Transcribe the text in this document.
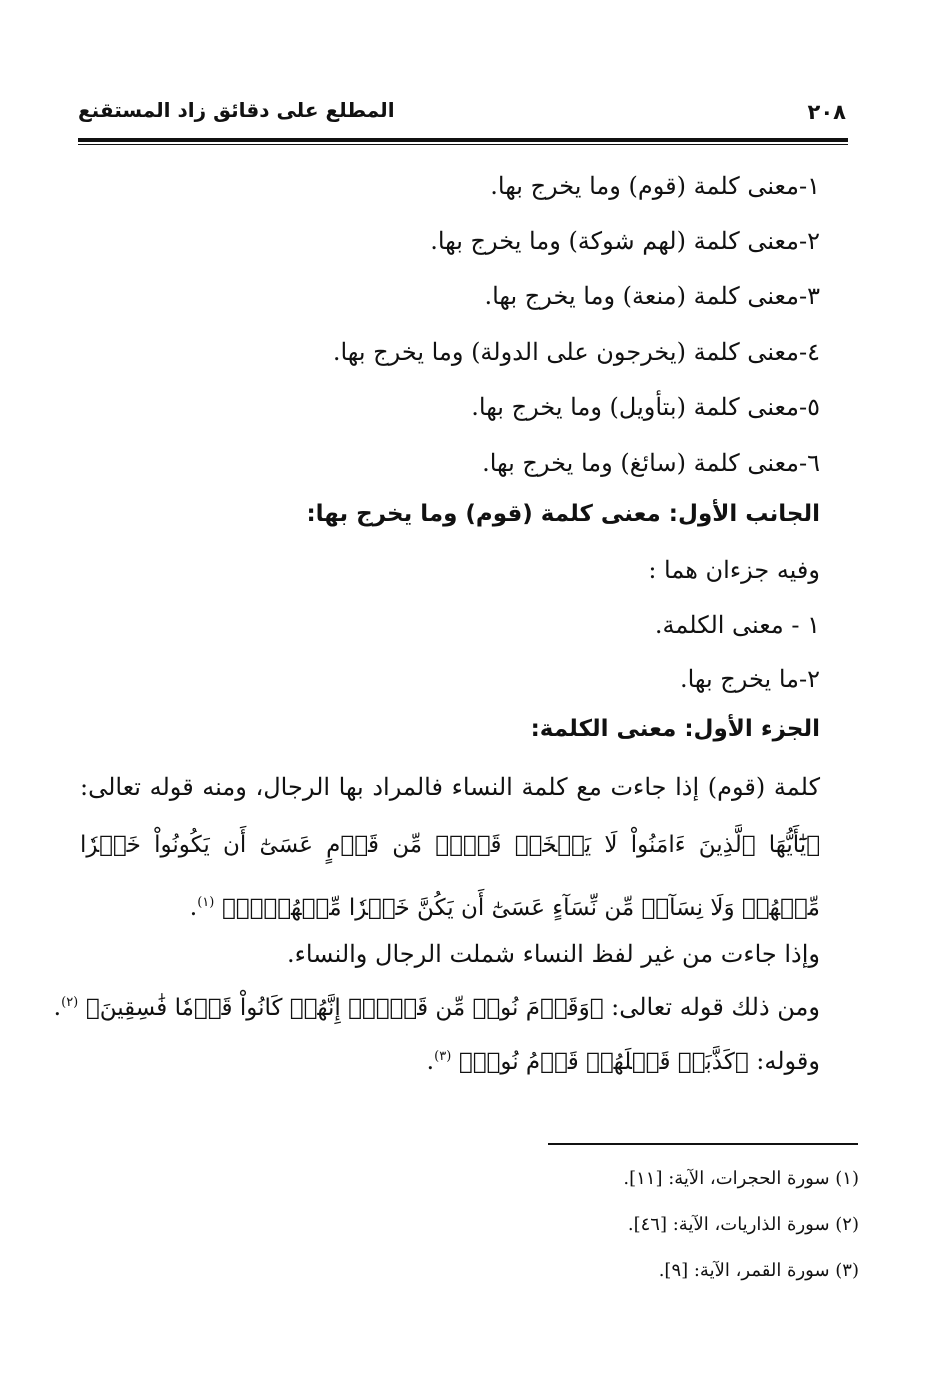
٢٠٨
المطلع على دقائق زاد المستقنع
١-معنى كلمة (قوم) وما يخرج بها.
٢-معنى كلمة (لهم شوكة) وما يخرج بها.
٣-معنى كلمة (منعة) وما يخرج بها.
٤-معنى كلمة (يخرجون على الدولة) وما يخرج بها.
٥-معنى كلمة (بتأويل) وما يخرج بها.
٦-معنى كلمة (سائغ) وما يخرج بها.
الجانب الأول: معنى كلمة (قوم) وما يخرج بها:
وفيه جزءان هما :
١ - معنى الكلمة.
٢-ما يخرج بها.
الجزء الأول: معنى الكلمة:
كلمة (قوم) إذا جاءت مع كلمة النساء فالمراد بها الرجال، ومنه قوله تعالى: ﴿يَٰٓأَيُّهَا ٱلَّذِينَ ءَامَنُواْ لَا يَسۡخَرۡ قَوۡمٞ مِّن قَوۡمٍ عَسَىٰٓ أَن يَكُونُواْ خَيۡرٗا مِّنۡهُمۡ وَلَا نِسَآءٞ مِّن نِّسَآءٍ عَسَىٰٓ أَن يَكُنَّ خَيۡرٗا مِّنۡهُنَّۖ﴾ $^{(١)}$.
وإذا جاءت من غير لفظ النساء شملت الرجال والنساء.
ومن ذلك قوله تعالى: ﴿وَقَوۡمَ نُوحٖ مِّن قَبۡلُۖ إِنَّهُمۡ كَانُواْ قَوۡمٗا فَٰسِقِينَ﴾ $^{(٢)}$.
وقوله: ﴿كَذَّبَتۡ قَبۡلَهُمۡ قَوۡمُ نُوحٖ﴾ $^{(٣)}$.
(١) سورة الحجرات، الآية: [١١].
(٢) سورة الذاريات، الآية: [٤٦].
(٣) سورة القمر، الآية: [٩].
